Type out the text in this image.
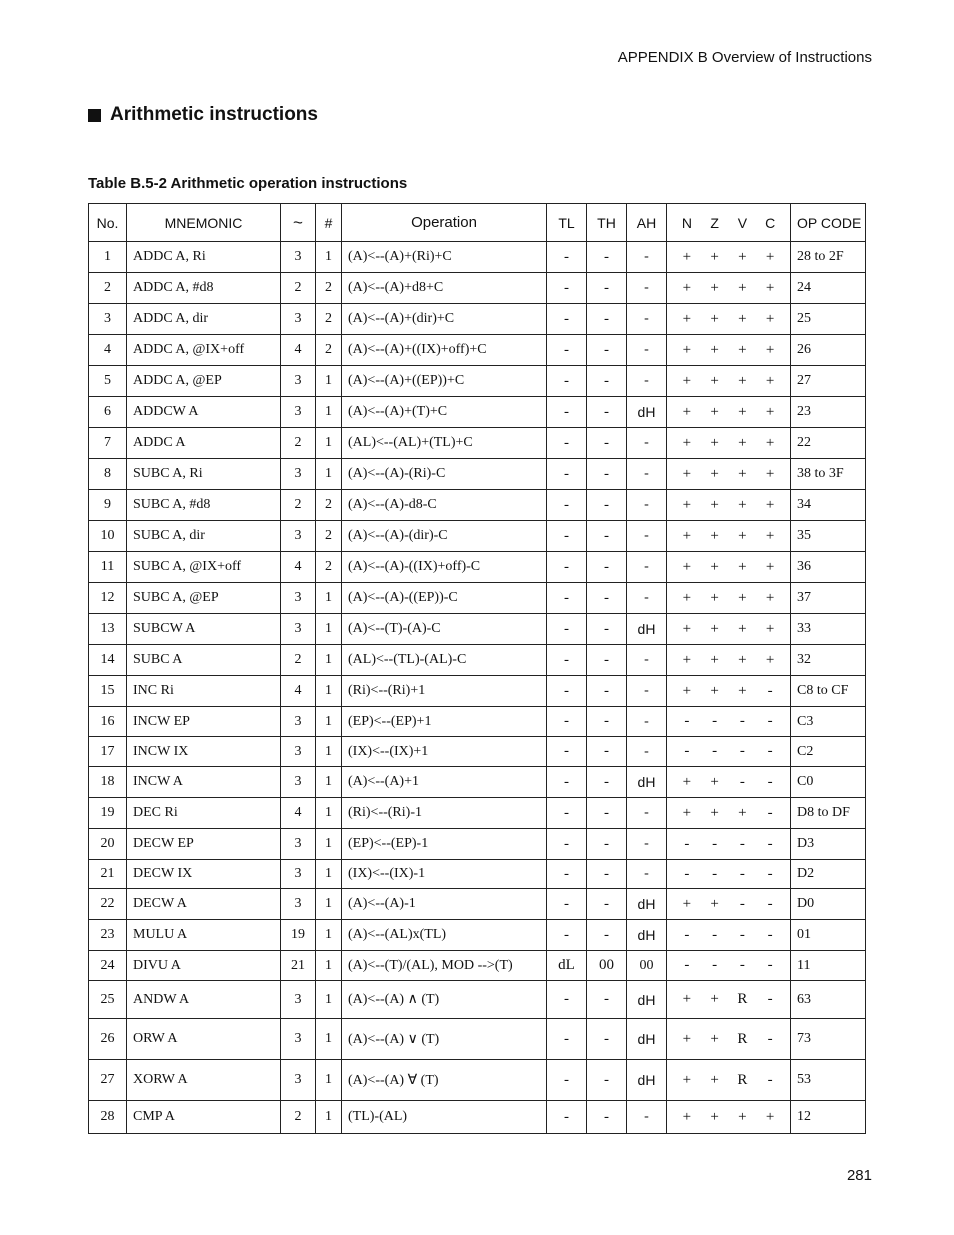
APPENDIX B Overview of Instructions
Arithmetic instructions
Table B.5-2 Arithmetic operation instructions
No.	MNEMONIC	~	#	Operation	TL	TH	AH	N Z V C	OP CODE
1	ADDC A, Ri	3	1	(A)<--(A)+(Ri)+C	-	-	-	+ + + +	28 to 2F
2	ADDC A, #d8	2	2	(A)<--(A)+d8+C	-	-	-	+ + + +	24
3	ADDC A, dir	3	2	(A)<--(A)+(dir)+C	-	-	-	+ + + +	25
4	ADDC A, @IX+off	4	2	(A)<--(A)+((IX)+off)+C	-	-	-	+ + + +	26
5	ADDC A, @EP	3	1	(A)<--(A)+((EP))+C	-	-	-	+ + + +	27
6	ADDCW A	3	1	(A)<--(A)+(T)+C	-	-	dH	+ + + +	23
7	ADDC A	2	1	(AL)<--(AL)+(TL)+C	-	-	-	+ + + +	22
8	SUBC A, Ri	3	1	(A)<--(A)-(Ri)-C	-	-	-	+ + + +	38 to 3F
9	SUBC A, #d8	2	2	(A)<--(A)-d8-C	-	-	-	+ + + +	34
10	SUBC A, dir	3	2	(A)<--(A)-(dir)-C	-	-	-	+ + + +	35
11	SUBC A, @IX+off	4	2	(A)<--(A)-((IX)+off)-C	-	-	-	+ + + +	36
12	SUBC A, @EP	3	1	(A)<--(A)-((EP))-C	-	-	-	+ + + +	37
13	SUBCW A	3	1	(A)<--(T)-(A)-C	-	-	dH	+ + + +	33
14	SUBC A	2	1	(AL)<--(TL)-(AL)-C	-	-	-	+ + + +	32
15	INC Ri	4	1	(Ri)<--(Ri)+1	-	-	-	+ + + -	C8 to CF
16	INCW EP	3	1	(EP)<--(EP)+1	-	-	-	- - - -	C3
17	INCW IX	3	1	(IX)<--(IX)+1	-	-	-	- - - -	C2
18	INCW A	3	1	(A)<--(A)+1	-	-	dH	+ + - -	C0
19	DEC Ri	4	1	(Ri)<--(Ri)-1	-	-	-	+ + + -	D8 to DF
20	DECW EP	3	1	(EP)<--(EP)-1	-	-	-	- - - -	D3
21	DECW IX	3	1	(IX)<--(IX)-1	-	-	-	- - - -	D2
22	DECW A	3	1	(A)<--(A)-1	-	-	dH	+ + - -	D0
23	MULU A	19	1	(A)<--(AL)x(TL)	-	-	dH	- - - -	01
24	DIVU A	21	1	(A)<--(T)/(AL), MOD -->(T)	dL	00	00	- - - -	11
25	ANDW A	3	1	(A)<--(A) ∧ (T)	-	-	dH	+ + R -	63
26	ORW A	3	1	(A)<--(A) ∨ (T)	-	-	dH	+ + R -	73
27	XORW A	3	1	(A)<--(A) ∀ (T)	-	-	dH	+ + R -	53
28	CMP A	2	1	(TL)-(AL)	-	-	-	+ + + +	12
281
